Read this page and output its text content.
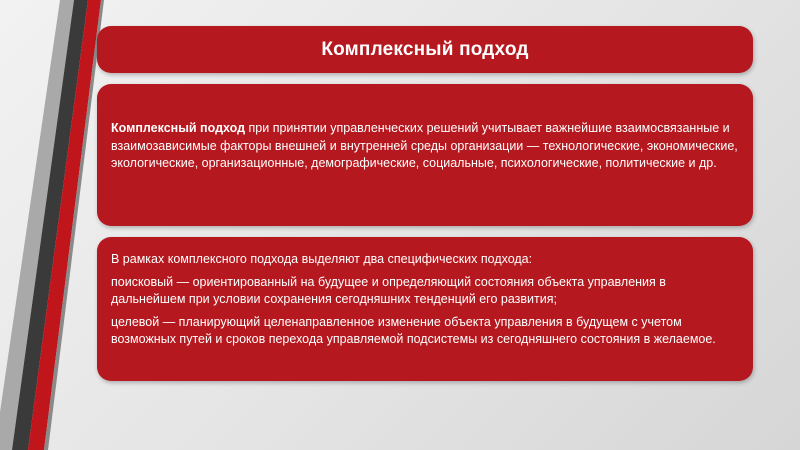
Комплексный подход
Комплексный подход при принятии управленческих решений учитывает важнейшие взаимосвязанные и взаимозависимые факторы внешней и внутренней среды организации — технологические, экономические, экологические, организационные, демографические, социальные, психологические, политические и др.

В рамках комплексного подхода выделяют два специфических подхода:

поисковый — ориентированный на будущее и определяющий состояния объекта управления в дальнейшем при условии сохранения сегодняшних тенденций его развития;

целевой — планирующий целенаправленное изменение объекта управления в будущем с учетом возможных путей и сроков перехода управляемой подсистемы из сегодняшнего состояния в желаемое.
